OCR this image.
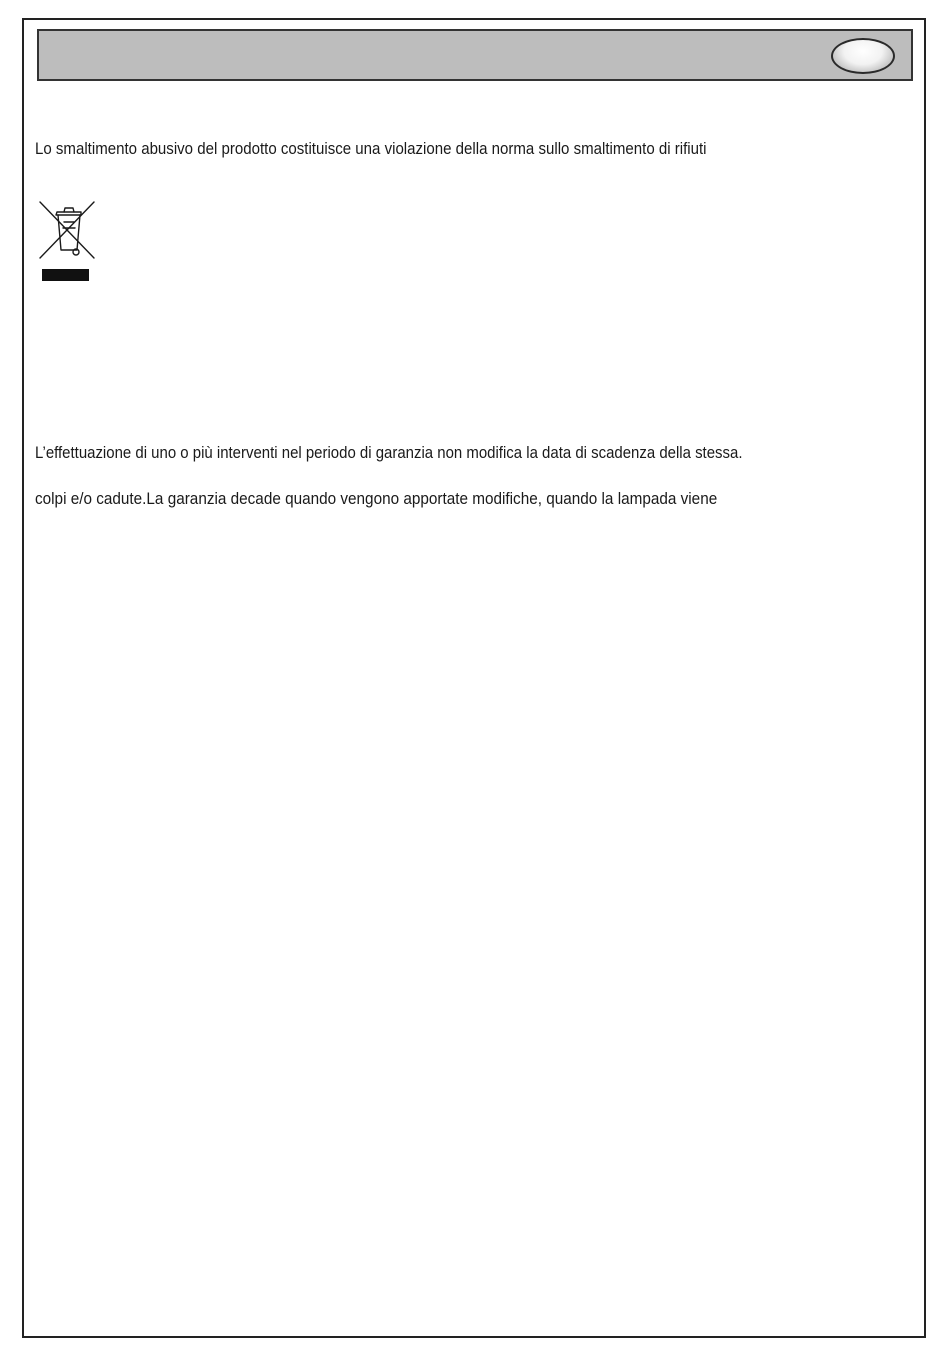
Lo smaltimento abusivo del prodotto costituisce una violazione della norma sullo smaltimento di rifiuti

L’effettuazione di uno o più interventi nel periodo di garanzia non modifica la data di scadenza della stessa.

colpi e/o cadute.La garanzia decade quando vengono apportate modifiche, quando la lampada viene
